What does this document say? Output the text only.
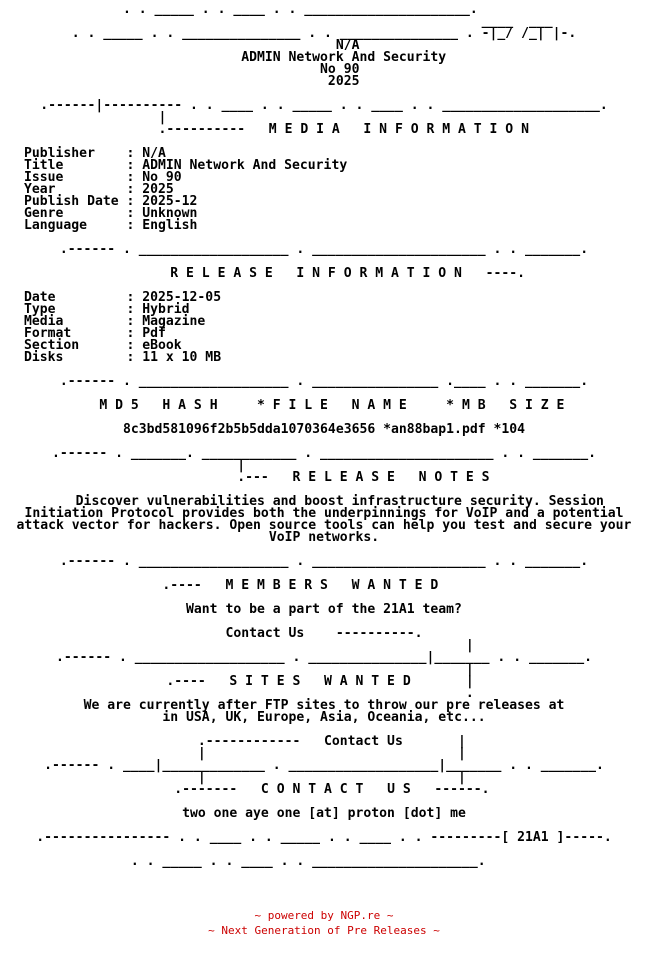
. . _____ . . ____ . . _____________________.
____  ___
. . _____ . . _______________ . . _______________ . -|_/ /_| |-.
N/A
ADMIN Network And Security
No 90
2025

.------|---------- . . ____ . . _____ . . ____ . . ____________________.
|
.----------   M E D I A   I N F O R M A T I O N

Publisher    : N/A
Title        : ADMIN Network And Security
Issue        : No 90
Year         : 2025
Publish Date : 2025-12
Genre        : Unknown
Language     : English

.------ . ___________________ . ______________________ . . _______.

R E L E A S E   I N F O R M A T I O N   ----.

Date         : 2025-12-05
Type         : Hybrid
Media        : Magazine
Format       : Pdf
Section      : eBook
Disks        : 11 x 10 MB

.------ . ___________________ . ________________ .____ . . _______.

M D 5   H A S H     * F I L E   N A M E     * M B   S I Z E

8c3bd581096f2b5b5dda1070364e3656 *an88bap1.pdf *104

.------ . _______. ____________ . ______________________ . . _______.
|
.---   R E L E A S E   N O T E S

Discover vulnerabilities and boost infrastructure security. Session
Initiation Protocol provides both the underpinnings for VoIP and a potential
attack vector for hackers. Open source tools can help you test and secure your
VoIP networks.

.------ . ___________________ . ______________________ . . _______.

.----   M E M B E R S   W A N T E D

Want to be a part of the 21A1 team?

Contact Us    ----------.
|
.------ . ___________________ . _______________|_______ . . _______.
|
.----   S I T E S   W A N T E D       |
.
We are currently after FTP sites to throw our pre releases at
in USA, UK, Europe, Asia, Oceania, etc...

.------------   Contact Us       |
|                                |
.------ . ____|_____________ . ___________________|_______ . . _______.
|                                |
.-------   C O N T A C T   U S   ------.

two one aye one [at] proton [dot] me

.---------------- . . ____ . . _____ . . ____ . . ---------[ 21A1 ]-----.

. . _____ . . ____ . . _____________________.
~ powered by NGP.re ~
~ Next Generation of Pre Releases ~
